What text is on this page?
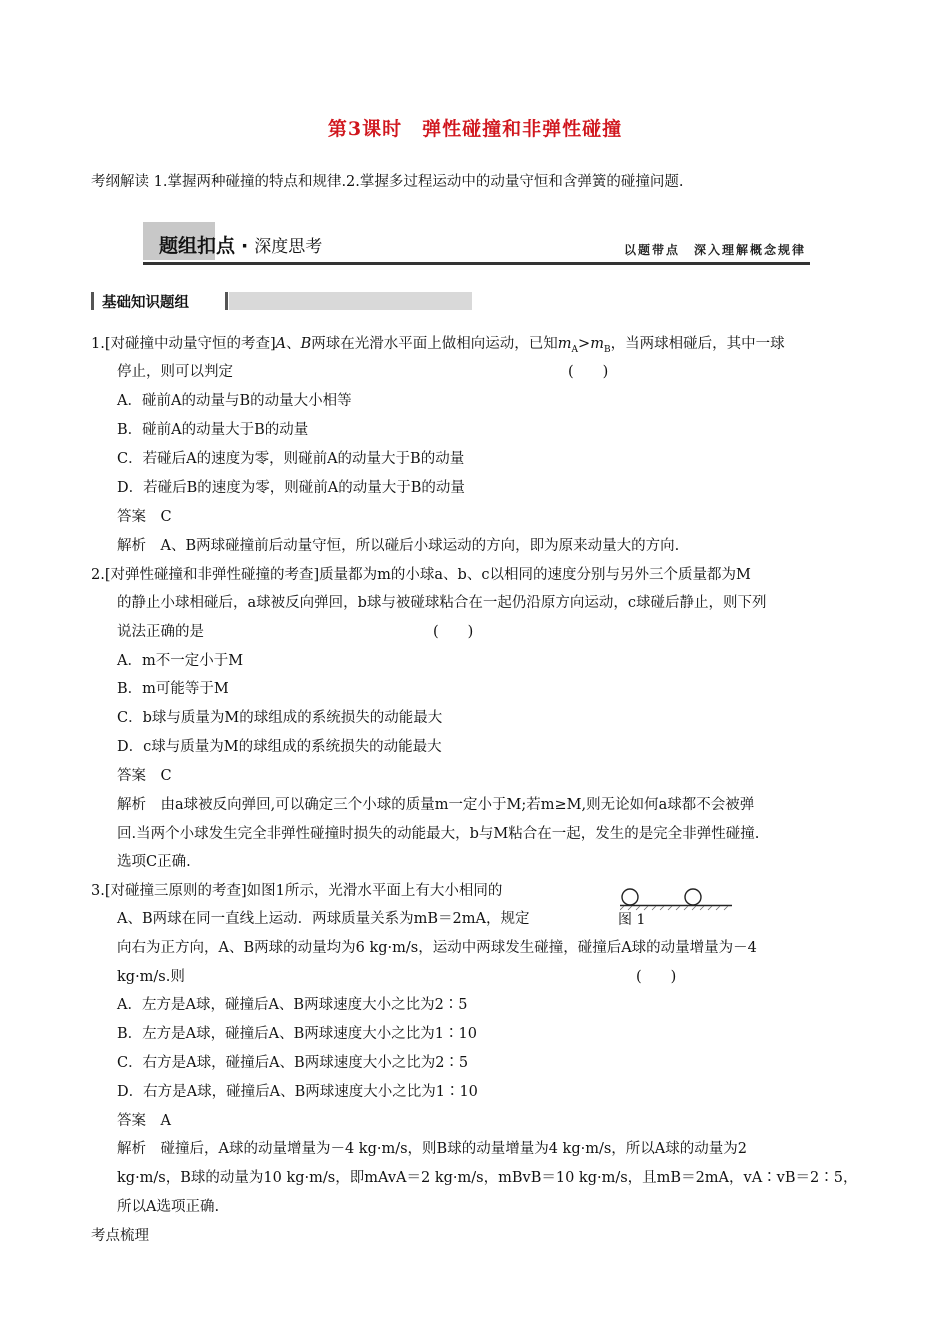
第3课时　弹性碰撞和非弹性碰撞
考纲解读 1.掌握两种碰撞的特点和规律.2.掌握多过程运动中的动量守恒和含弹簧的碰撞问题.
题组扣点 · 深度思考	以题带点　深入理解概念规律
基础知识题组
1.[对碰撞中动量守恒的考查]A、B两球在光滑水平面上做相向运动，已知$m_A>m_B$，当两球相碰后，其中一球
停止，则可以判定	(　　)
A．碰前A的动量与B的动量大小相等
B．碰前A的动量大于B的动量
C．若碰后A的速度为零，则碰前A的动量大于B的动量
D．若碰后B的速度为零，则碰前A的动量大于B的动量
答案　C
解析　A、B两球碰撞前后动量守恒，所以碰后小球运动的方向，即为原来动量大的方向.
2.[对弹性碰撞和非弹性碰撞的考查]质量都为m的小球a、b、c以相同的速度分别与另外三个质量都为M
的静止小球相碰后，a球被反向弹回，b球与被碰球粘合在一起仍沿原方向运动，c球碰后静止，则下列
说法正确的是	(　　)
A．m不一定小于M
B．m可能等于M
C．b球与质量为M的球组成的系统损失的动能最大
D．c球与质量为M的球组成的系统损失的动能最大
答案　C
解析　由a球被反向弹回,可以确定三个小球的质量m一定小于M;若m≥M,则无论如何a球都不会被弹
回.当两个小球发生完全非弹性碰撞时损失的动能最大，b与M粘合在一起，发生的是完全非弹性碰撞.
选项C正确.
3.[对碰撞三原则的考查]如图1所示，光滑水平面上有大小相同的
A、B两球在同一直线上运动．两球质量关系为mB＝2mA，规定	图 1
向右为正方向，A、B两球的动量均为6 kg·m/s，运动中两球发生碰撞，碰撞后A球的动量增量为－4
kg·m/s.则	(　　)
A．左方是A球，碰撞后A、B两球速度大小之比为2∶5
B．左方是A球，碰撞后A、B两球速度大小之比为1∶10
C．右方是A球，碰撞后A、B两球速度大小之比为2∶5
D．右方是A球，碰撞后A、B两球速度大小之比为1∶10
答案　A
解析　碰撞后，A球的动量增量为－4 kg·m/s，则B球的动量增量为4 kg·m/s，所以A球的动量为2
kg·m/s，B球的动量为10 kg·m/s，即mAvA＝2 kg·m/s，mBvB＝10 kg·m/s，且mB＝2mA，vA∶vB＝2∶5，
所以A选项正确.
考点梳理
